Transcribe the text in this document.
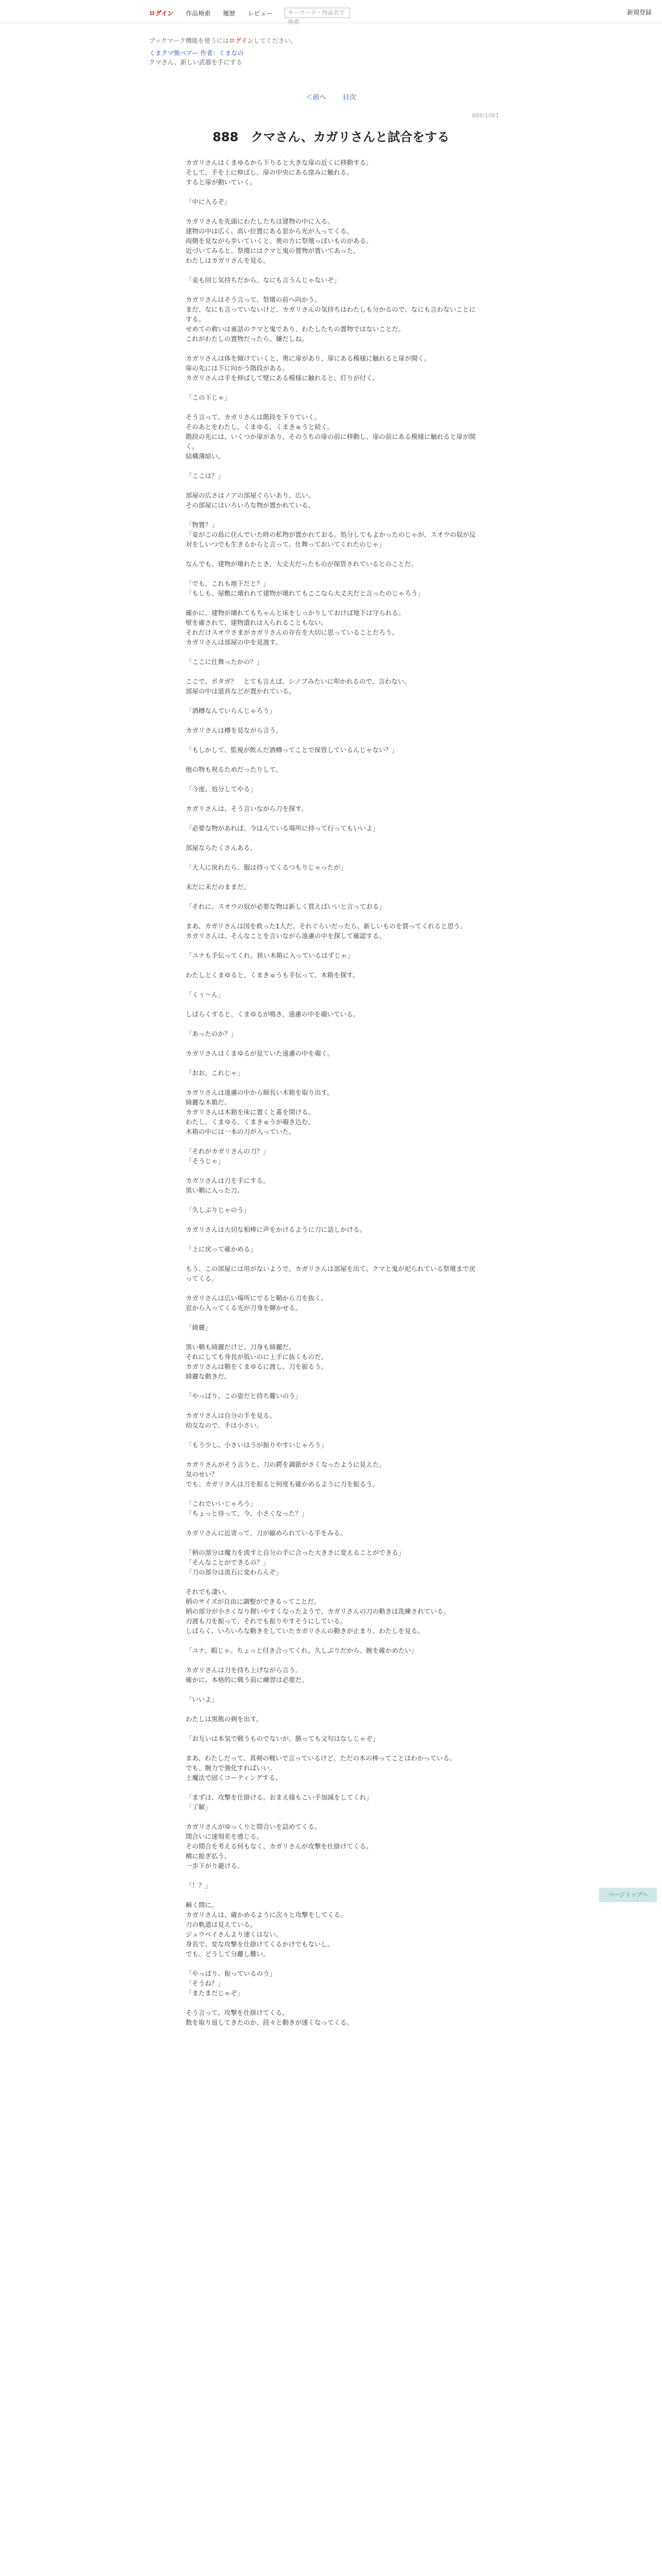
ログイン 作品検索 履歴 レビュー	キーワード・作品名で検索
新規登録
ブックマーク機能を使うにはログインしてください。
くまクマ熊ベアー 作者：くまなの
クマさん、新しい武器を手にする
＜前へ 目次
888/1061
888　クマさん、カガリさんと試合をする

カガリさんはくまゆるから下りると大きな扉の近くに移動する。

そして、手を上に伸ばし、扉の中央にある窪みに触れる。

すると扉が動いていく。

「中に入るぞ」

カガリさんを先頭にわたしたちは建物の中に入る。

建物の中は広く、高い位置にある窓から光が入ってくる。

両側を見ながら歩いていくと、奥の方に祭壇っぽいものがある。

近づいてみると、祭壇にはクマと鬼の置物が置いてあった。

わたしはカガリさんを見る。

「妾も同じ気持ちだから、なにも言うんじゃないぞ」

カガリさんはそう言って、祭壇の前へ向かう。

まだ、なにも言っていないけど、カガリさんの気持ちはわたしも分かるので、なにも言わないことにする。

せめての救いは童話のクマと鬼であり、わたしたちの置物ではないことだ。

これがわたしの置物だったら、嫌だしね。

カガリさんは体を傾けていくと、奥に扉があり、扉にある模様に触れると扉が開く。

扉の先には下に向かう階段がある。

カガリさんは手を伸ばして壁にある模様に触れると、灯りが付く。

「この下じゃ」

そう言って、カガリさんは階段を下りていく。

そのあとをわたし、くまゆる、くまきゅうと続く。

階段の先には、いくつか扉があり、そのうちの扉の前に移動し、扉の前にある模様に触れると扉が開く。

結構薄暗い。

「ここは？」

部屋の広さはノアの部屋ぐらいあり、広い。

その部屋にはいろいろな物が置かれている。

「物置？」

「妾がこの島に住んでいた時の私物が置かれておる。処分してもよかったのじゃが、スオウの奴が反対をしいつでも生きるからと言って、仕舞っておいてくれたのじゃ」

なんでも、建物が壊れたとき、大丈夫だったものが保管されているとのことだ。

「でも、これも地下だと？」

「もしも、屋敷に壊れれて建物が壊れてもここなら大丈夫だと言ったのじゃろう」

確かに、建物が壊れてもちゃんと床をしっかりしておけば地下は守られる。

壁を確されて、建物潰れは入られることもない。

それだけスオウさまがカガリさんの存在を大切に思っていることだろう。

カガリさんは部屋の中を見渡す。

「ここに仕舞ったかの？」

ここで、ポタガ？　とても言えば、シノブみたいに叩かれるので、言わない。

部屋の中は道具などが置かれている。

「酒樽なんていらんじゃろう」

カガリさんは樽を見ながら言う。

「もしかして、監視が飲んだ酒樽ってことで保管しているんじゃない？」

他の物も祝るためだったりして。

「今度、処分してやる」

カガリさんは、そう言いながら刀を探す。

「必要な物があれば、今ほんている場所に持って行ってもいいよ」

部屋ならたくさんある。

「大人に戻れたら、服は持ってくるつもりじゃったが」

未だに未だのままだ。

「それに、スオウの奴が必要な物は新しく買えばいいと言っておる」

まあ、カガリさんは国を救った1人だ。それぐらいだったら、新しいものを買ってくれると思う。

カガリさんは、そんなことを言いながら遠慮の中を探して確認する。

「ユナも手伝ってくれ。狭い木箱に入っているはずじゃ」

わたしとくまゆると、くまきゅうも手伝って、木箱を探す。

「くぅ～ん」

しばらくすると、くまゆるが鳴き、遠慮の中を覗いている。

「あったのか？」

カガリさんはくまゆるが見ていた遠慮の中を覗く。

「おお、これじゃ」

カガリさんは遠慮の中から細長い木箱を取り出す。

綺麗な木箱だ。

カガリさんは木箱を床に置くと蓋を開ける。

わたし、くまゆる、くまきゅうが覗き込む。

木箱の中には一本の刀が入っていた。

「それがカガリさんの刀？」

「そうじゃ」

カガリさんは刀を手にする。

黒い鞘に入った刀。

「久しぶりじゃのう」

カガリさんは大切な相棒に声をかけるように刀に話しかける。

「上に戻って確かめる」

もう、この部屋には用がないようで、カガリさんは部屋を出て、クマと鬼が祀られている祭壇まで戻ってくる。

カガリさんは広い場所にでると鞘から刀を抜く。

窓から入ってくる光が刀身を輝かせる。

「綺麗」

黒い鞘も綺麗だけど、刀身も綺麗だ。

それにしても身長が低いのに上手に抜くものだ。

カガリさんは鞘をくまゆるに渡し、刀を振るう。

綺麗な動きだ。

「やっぱり、この姿だと持ち難いのう」

カガリさんは自分の手を見る。

幼女なので、手は小さい。

「もう少し、小さいほうが振りやすいじゃろう」

カガリさんがそう言うと、刀の鍔を調節がさくなったように見えた。

気のせい？

でも、カガリさんは刀を振ると何度も確かめるように刀を振るう。

「これでいいじゃろう」

「ちょっと待って、今、小さくなった？」

カガリさんに近寄って、刀が縮められている手をみる。

「柄の部分は魔力を流すと自分の手に合った大きさに変えることができる」

「そんなことができるの？」

「刀の部分は流石に変わらんぞ」

それでも凄い。

柄のサイズが自由に調整ができるってことだ。

柄の部分が小さくなり握いやすくなったようで、カガリさんの刀の動きは洗練されている。

刃渡も刀を振って、それでも振りやすそうにしている。

しばらく、いろいろな動きをしていたカガリさんの動きが止まり、わたしを見る。

「ユナ、暇じゃ。ちょっと付き合ってくれ。久しぶりだから、腕を確かめたい」

カガリさんは刀を持ち上げながら言う。

確かに、本格的に戦う前に練習は必要だ。

「いいよ」

わたしは黒熊の剣を出す。

「お互いは本気で戦うものでないが、勝っても文句はなしじゃぞ」

まあ、わたしだって、真剣の戦いで言っているけど、ただの木の棒ってことはわかっている。

でも、腕力で強化すればいい。

土魔法で固くコーティングする。

「まずは、攻撃を仕掛ける。おまえ様もこい手加減をしてくれ」

「了解」

カガリさんがゆっくりと間合いを詰めてくる。

間合いに速刻差を感じる。

その間合を考える何もなく、カガリさんが攻撃を仕掛けてくる。

横に振ぎ払う。

一歩下がり避ける。

「！？」

瞬く間に。

カガリさんは、確かめるように次々と攻撃をしてくる。

刀の軌道は見えている。

ジュウベイさんより速くはない。

身長で、変な攻撃を仕掛けてくるかけでもないし。

でも、どうして分離し難い。

「やっぱり、振っているのう」

「そうね？」

「またまだじゃぞ」

そう言って、攻撃を仕掛けてくる。

数を取り返してきたのか、段々と動きが速くなってくる。

ページトップへ
